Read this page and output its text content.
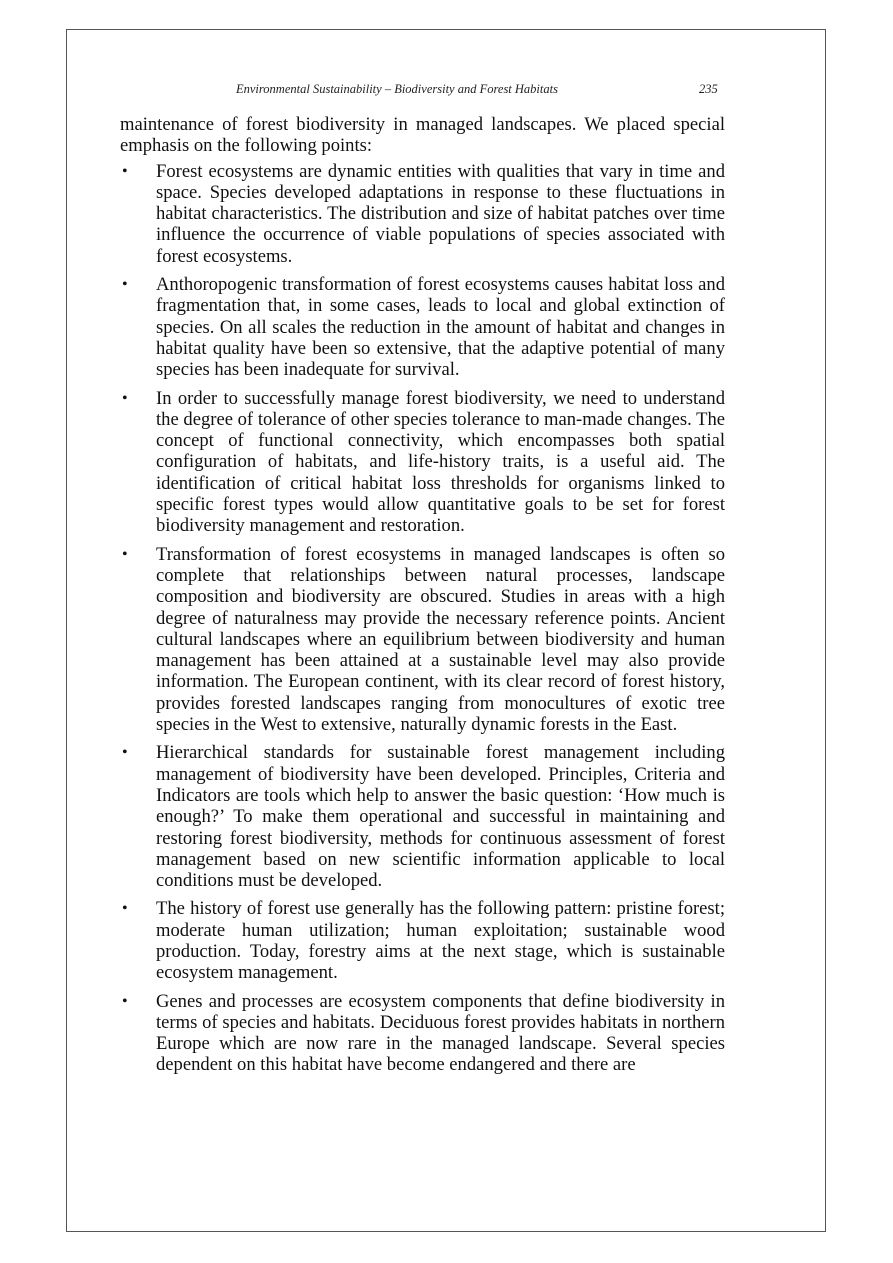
Environmental Sustainability – Biodiversity and Forest Habitats	235

maintenance of forest biodiversity in managed landscapes. We placed special emphasis on the following points:

• Forest ecosystems are dynamic entities with qualities that vary in time and space. Species developed adaptations in response to these fluctuations in habitat characteristics. The distribution and size of habitat patches over time influence the occurrence of viable populations of species associated with forest ecosystems.
• Anthoropogenic transformation of forest ecosystems causes habitat loss and fragmentation that, in some cases, leads to local and global extinction of species. On all scales the reduction in the amount of habitat and changes in habitat quality have been so extensive, that the adaptive potential of many species has been inadequate for survival.
• In order to successfully manage forest biodiversity, we need to understand the degree of tolerance of other species tolerance to man-made changes. The concept of functional connectivity, which encompasses both spatial configuration of habitats, and life-history traits, is a useful aid. The identification of critical habitat loss thresholds for organisms linked to specific forest types would allow quantitative goals to be set for forest biodiversity management and restoration.
• Transformation of forest ecosystems in managed landscapes is often so complete that relationships between natural processes, landscape composition and biodiversity are obscured. Studies in areas with a high degree of naturalness may provide the necessary reference points. Ancient cultural landscapes where an equilibrium between biodiversity and human management has been attained at a sustainable level may also provide information. The European continent, with its clear record of forest history, provides forested landscapes ranging from monocultures of exotic tree species in the West to extensive, naturally dynamic forests in the East.
• Hierarchical standards for sustainable forest management including management of biodiversity have been developed. Principles, Criteria and Indicators are tools which help to answer the basic question: ‘How much is enough?’ To make them operational and successful in maintaining and restoring forest biodiversity, methods for continuous assessment of forest management based on new scientific information applicable to local conditions must be developed.
• The history of forest use generally has the following pattern: pristine forest; moderate human utilization; human exploitation; sustainable wood production. Today, forestry aims at the next stage, which is sustainable ecosystem management.
• Genes and processes are ecosystem components that define biodiversity in terms of species and habitats. Deciduous forest provides habitats in northern Europe which are now rare in the managed landscape. Several species dependent on this habitat have become endangered and there are
